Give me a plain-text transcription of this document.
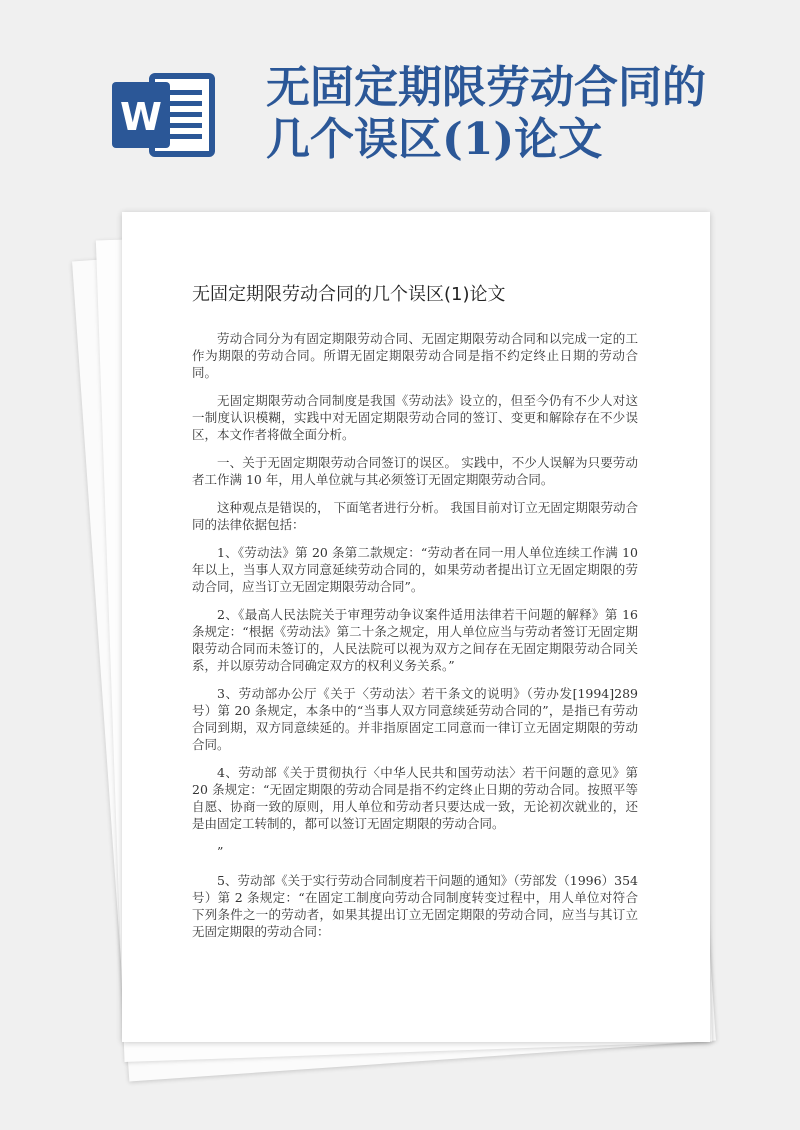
W
无固定期限劳动合同的
几个误区(1)论文
无固定期限劳动合同的几个误区(1)论文

劳动合同分为有固定期限劳动合同、无固定期限劳动合同和以完成一定的工作为期限的劳动合同。所谓无固定期限劳动合同是指不约定终止日期的劳动合同。

无固定期限劳动合同制度是我国《劳动法》设立的，但至今仍有不少人对这一制度认识模糊，实践中对无固定期限劳动合同的签订、变更和解除存在不少误区，本文作者将做全面分析。

一、关于无固定期限劳动合同签订的误区。 实践中，不少人误解为只要劳动者工作满 10 年，用人单位就与其必须签订无固定期限劳动合同。

这种观点是错误的， 下面笔者进行分析。 我国目前对订立无固定期限劳动合同的法律依据包括：

1、《劳动法》第 20 条第二款规定：“劳动者在同一用人单位连续工作满 10 年以上，当事人双方同意延续劳动合同的，如果劳动者提出订立无固定期限的劳动合同，应当订立无固定期限劳动合同”。

2、《最高人民法院关于审理劳动争议案件适用法律若干问题的解释》第 16 条规定：“根据《劳动法》第二十条之规定，用人单位应当与劳动者签订无固定期限劳动合同而未签订的，人民法院可以视为双方之间存在无固定期限劳动合同关系，并以原劳动合同确定双方的权利义务关系。”

3、劳动部办公厅《关于〈劳动法〉若干条文的说明》（劳办发[1994]289 号）第 20 条规定，本条中的“当事人双方同意续延劳动合同的”，是指已有劳动合同到期，双方同意续延的。并非指原固定工同意而一律订立无固定期限的劳动合同。

4、劳动部《关于贯彻执行〈中华人民共和国劳动法〉若干问题的意见》第 20 条规定：“无固定期限的劳动合同是指不约定终止日期的劳动合同。按照平等自愿、协商一致的原则，用人单位和劳动者只要达成一致，无论初次就业的，还是由固定工转制的，都可以签订无固定期限的劳动合同。

”

5、劳动部《关于实行劳动合同制度若干问题的通知》（劳部发（1996）354 号）第 2 条规定：“在固定工制度向劳动合同制度转变过程中，用人单位对符合下列条件之一的劳动者，如果其提出订立无固定期限的劳动合同，应当与其订立无固定期限的劳动合同：
